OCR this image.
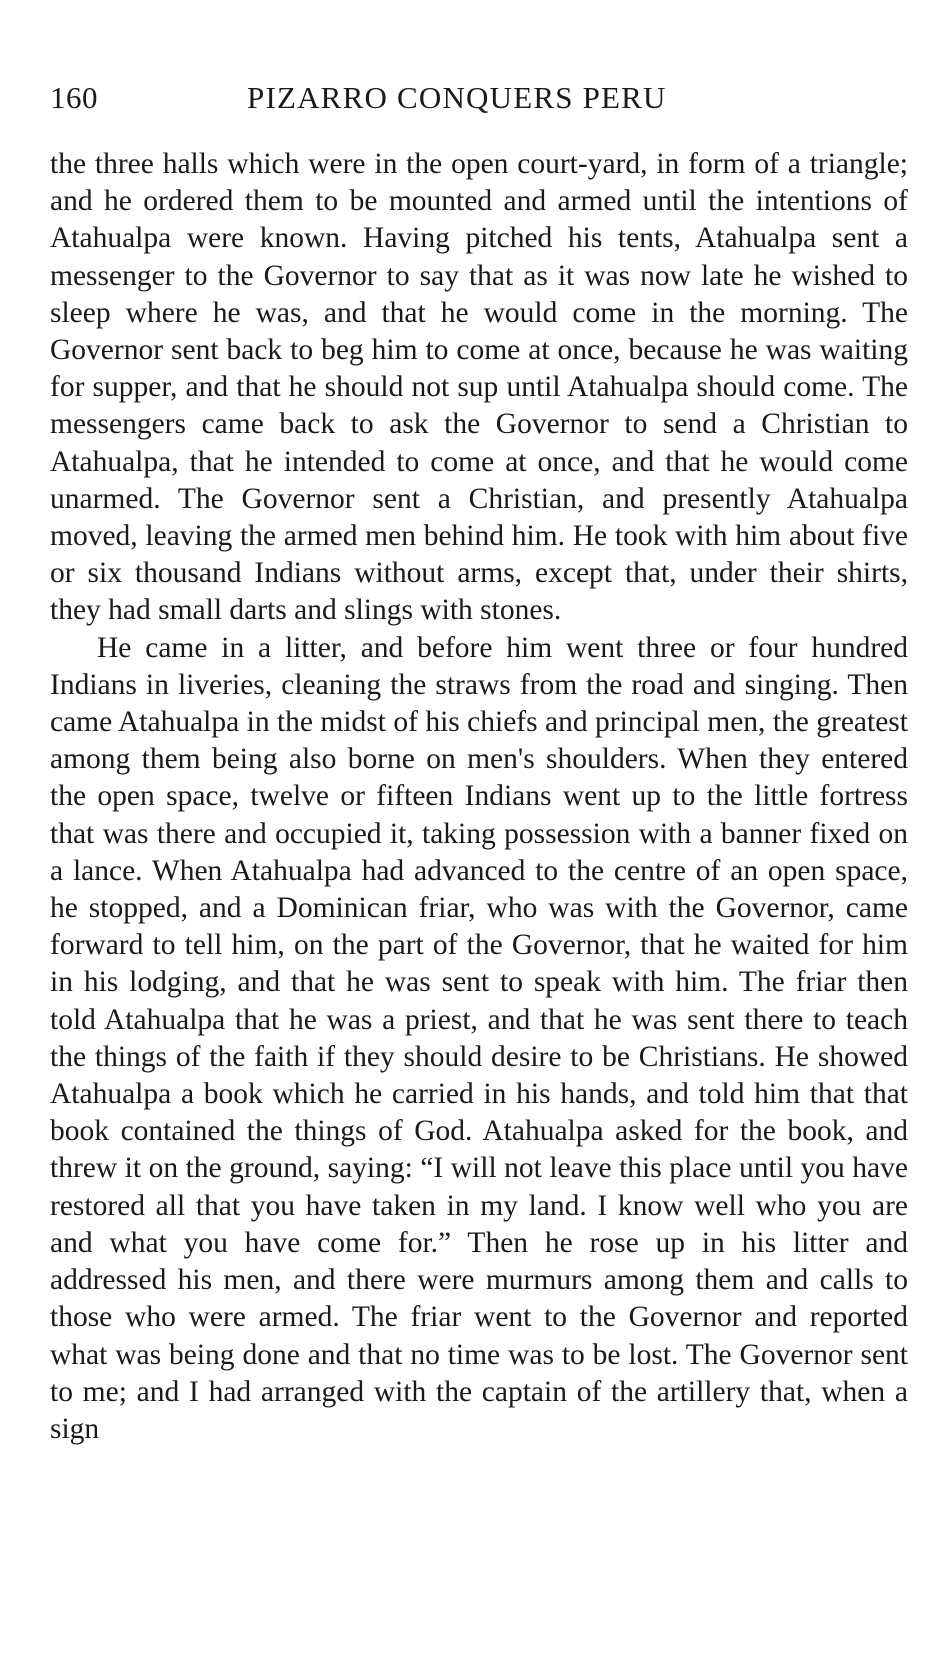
160	PIZARRO CONQUERS PERU

the three halls which were in the open court-yard, in form of a triangle; and he ordered them to be mounted and armed until the intentions of Atahualpa were known. Having pitched his tents, Atahualpa sent a messenger to the Governor to say that as it was now late he wished to sleep where he was, and that he would come in the morning. The Governor sent back to beg him to come at once, because he was waiting for supper, and that he should not sup until Atahualpa should come. The messengers came back to ask the Governor to send a Christian to Atahualpa, that he intended to come at once, and that he would come unarmed. The Governor sent a Christian, and presently Atahualpa moved, leaving the armed men behind him. He took with him about five or six thousand Indians without arms, except that, under their shirts, they had small darts and slings with stones.

He came in a litter, and before him went three or four hundred Indians in liveries, cleaning the straws from the road and singing. Then came Atahualpa in the midst of his chiefs and principal men, the greatest among them being also borne on men's shoulders. When they entered the open space, twelve or fifteen Indians went up to the little fortress that was there and occupied it, taking possession with a banner fixed on a lance. When Atahualpa had advanced to the centre of an open space, he stopped, and a Dominican friar, who was with the Governor, came forward to tell him, on the part of the Governor, that he waited for him in his lodging, and that he was sent to speak with him. The friar then told Atahualpa that he was a priest, and that he was sent there to teach the things of the faith if they should desire to be Christians. He showed Atahualpa a book which he carried in his hands, and told him that that book contained the things of God. Atahualpa asked for the book, and threw it on the ground, saying: “I will not leave this place until you have restored all that you have taken in my land. I know well who you are and what you have come for.” Then he rose up in his litter and addressed his men, and there were murmurs among them and calls to those who were armed. The friar went to the Governor and reported what was being done and that no time was to be lost. The Governor sent to me; and I had arranged with the captain of the artillery that, when a sign
